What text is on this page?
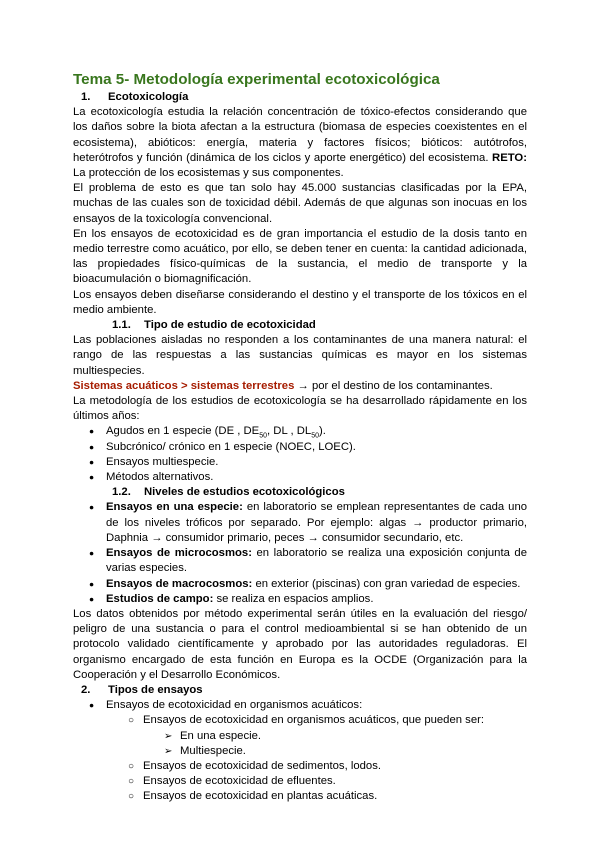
Tema 5- Metodología experimental ecotoxicológica
1. Ecotoxicología

La ecotoxicología estudia la relación concentración de tóxico-efectos considerando que los daños sobre la biota afectan a la estructura (biomasa de especies coexistentes en el ecosistema), abióticos: energía, materia y factores físicos; bióticos: autótrofos, heterótrofos y función (dinámica de los ciclos y aporte energético) del ecosistema. RETO: La protección de los ecosistemas y sus componentes.

El problema de esto es que tan solo hay 45.000 sustancias clasificadas por la EPA, muchas de las cuales son de toxicidad débil. Además de que algunas son inocuas en los ensayos de la toxicología convencional.

En los ensayos de ecotoxicidad es de gran importancia el estudio de la dosis tanto en medio terrestre como acuático, por ello, se deben tener en cuenta: la cantidad adicionada, las propiedades físico-químicas de la sustancia, el medio de transporte y la bioacumulación o biomagnificación.

Los ensayos deben diseñarse considerando el destino y el transporte de los tóxicos en el medio ambiente.

1.1. Tipo de estudio de ecotoxicidad

Las poblaciones aisladas no responden a los contaminantes de una manera natural: el rango de las respuestas a las sustancias químicas es mayor en los sistemas multiespecies.

Sistemas acuáticos > sistemas terrestres → por el destino de los contaminantes.

La metodología de los estudios de ecotoxicología se ha desarrollado rápidamente en los últimos años:

● Agudos en 1 especie (DE , $DE_{50}$, DL , $DL_{50}$).
● Subcrónico/ crónico en 1 especie (NOEC, LOEC).
● Ensayos multiespecie.
● Métodos alternativos.
1.2. Niveles de estudios ecotoxicológicos
● Ensayos en una especie: en laboratorio se emplean representantes de cada uno de los niveles tróficos por separado. Por ejemplo: algas → productor primario, Daphnia → consumidor primario, peces → consumidor secundario, etc.
● Ensayos de microcosmos: en laboratorio se realiza una exposición conjunta de varias especies.
● Ensayos de macrocosmos: en exterior (piscinas) con gran variedad de especies.
● Estudios de campo: se realiza en espacios amplios.

Los datos obtenidos por método experimental serán útiles en la evaluación del riesgo/ peligro de una sustancia o para el control medioambiental si se han obtenido de un protocolo validado científicamente y aprobado por las autoridades reguladoras. El organismo encargado de esta función en Europa es la OCDE (Organización para la Cooperación y el Desarrollo Económicos.

2. Tipos de ensayos
● Ensayos de ecotoxicidad en organismos acuáticos:
○ Ensayos de ecotoxicidad en organismos acuáticos, que pueden ser:
➢ En una especie.
➢ Multiespecie.
○ Ensayos de ecotoxicidad de sedimentos, lodos.
○ Ensayos de ecotoxicidad de efluentes.
○ Ensayos de ecotoxicidad en plantas acuáticas.
